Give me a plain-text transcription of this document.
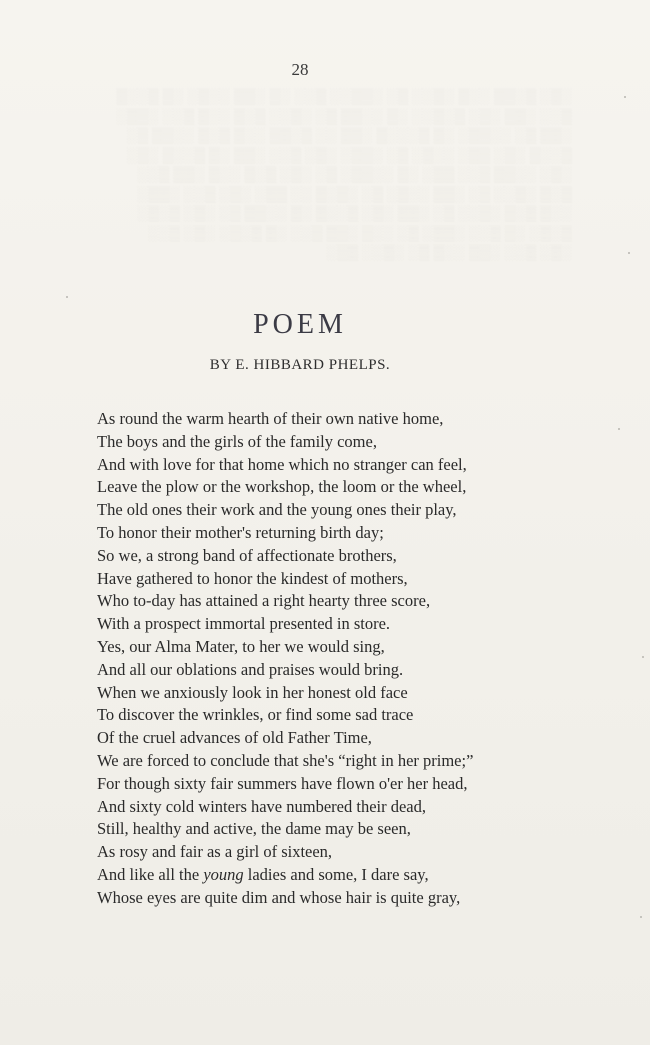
░▒░ ▒░▒▒ ░░▒ ░▒░░ ▒░ ░▒▒░░ ▒░░ ░▒ ░▒▒ ░░▒░ ░▒ ▒░░▒
▒░░ ░▒▒ ░▒░ ▒░▒░░ ░▒ ░░▒▒ ▒░ ░▒░░ ▒░▒ ░░▒ ▒░░ ░▒▒░
░▒▒ ▒░ ░░▒▒░ ░▒ ▒░░░▒ ░▒▒ ░░ ▒░▒▒ ░░▒ ▒░▒ ░░▒▒ ▒░
▒░░▒ ░▒░ ▒▒░ ░░▒░ ▒░ ░▒▒░ ░▒░ ▒░░ ░▒▒ ░▒ ▒░░▒ ░▒░
░▒░ ░░▒▒ ▒░░ ▒▒░ ░▒ ░░▒▒░ ▒░ ░▒░ ▒░▒ ░░▒ ░▒▒ ▒░░
▒░▒ ░▒░░ ▒░ ░▒▒ ░░▒░ ▒░ ░▒░▒ ░░ ▒▒░ ░▒░ ▒░░ ░▒▒░
░░▒ ▒░▒ ░▒░░ ▒░ ░▒▒ ░▒░ ▒░░▒ ░▒ ░░▒▒ ▒░ ░▒░ ▒░▒░
▒░▒░ ░▒ ▒░░ ░▒▒░ ▒░ ░░▒ ░▒▒ ▒░░ ░▒ ▒░▒░ ░▒░ ▒░░
░▒░ ▒░░ ░▒▒ ░░▒ ▒░ ░▒░░ ▒▒░
28
POEM
BY E. HIBBARD PHELPS.
As round the warm hearth of their own native home,
The boys and the girls of the family come,
And with love for that home which no stranger can feel,
Leave the plow or the workshop, the loom or the wheel,
The old ones their work and the young ones their play,
To honor their mother's returning birth day;
So we, a strong band of affectionate brothers,
Have gathered to honor the kindest of mothers,
Who to-day has attained a right hearty three score,
With a prospect immortal presented in store.
Yes, our Alma Mater, to her we would sing,
And all our oblations and praises would bring.
When we anxiously look in her honest old face
To discover the wrinkles, or find some sad trace
Of the cruel advances of old Father Time,
We are forced to conclude that she's “right in her prime;”
For though sixty fair summers have flown o'er her head,
And sixty cold winters have numbered their dead,
Still, healthy and active, the dame may be seen,
As rosy and fair as a girl of sixteen,
And like all the young ladies and some, I dare say,
Whose eyes are quite dim and whose hair is quite gray,
